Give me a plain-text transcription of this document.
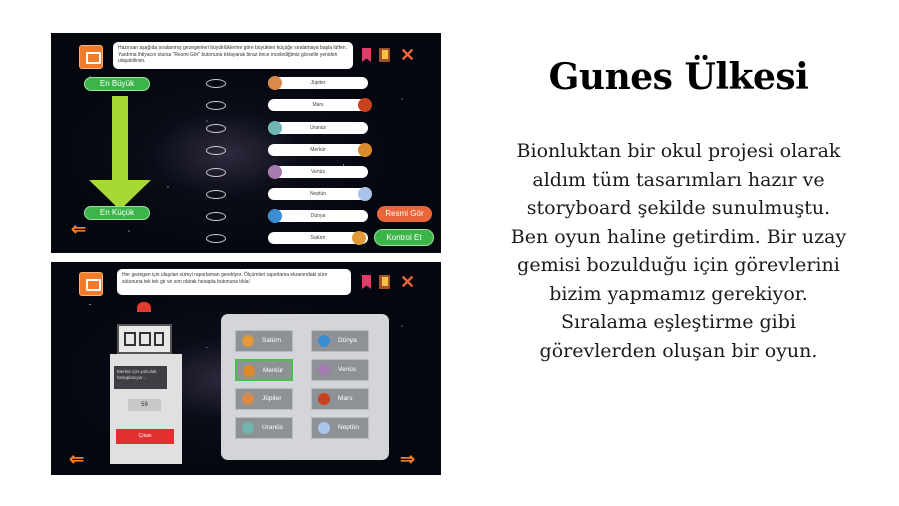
Hazırsan aşağıda sıralanmış gezegenleri büyüklüklerine göre büyükten küçüğe sıralamaya başla lütfen. Yardıma ihtiyacın olursa "Resmi Gör" butonuna tıklayarak biraz önce incelediğimiz görselle yeniden ulaşabilirsin.	✕
En Büyük
En Küçük
⇐
Jüpiter
Mars
Uranüs
Merkür
Venüs
Neptün
Dünya
Satürn
Resmi Gör
Kontrol Et
Her gezegen için ulaşılan süreyi raporlaman gerekiyor. Ölçümleri raporlama ekranındaki süre sütununa tek tek gir ve son olarak hesapla butonuna tıkla!	✕
Merkür için yolculuk hesaplanıyor...
58
Çıkan
Satürn	Dünya
Merkür	Venüs
Jüpiter	Mars
Uranüs	Neptün
⇐	⇒
Gunes Ülkesi

Bionluktan bir okul projesi olarak aldım tüm tasarımları hazır ve storyboard şekilde sunulmuştu. Ben oyun haline getirdim. Bir uzay gemisi bozulduğu için görevlerini bizim yapmamız gerekiyor. Sıralama eşleştirme gibi görevlerden oluşan bir oyun.
